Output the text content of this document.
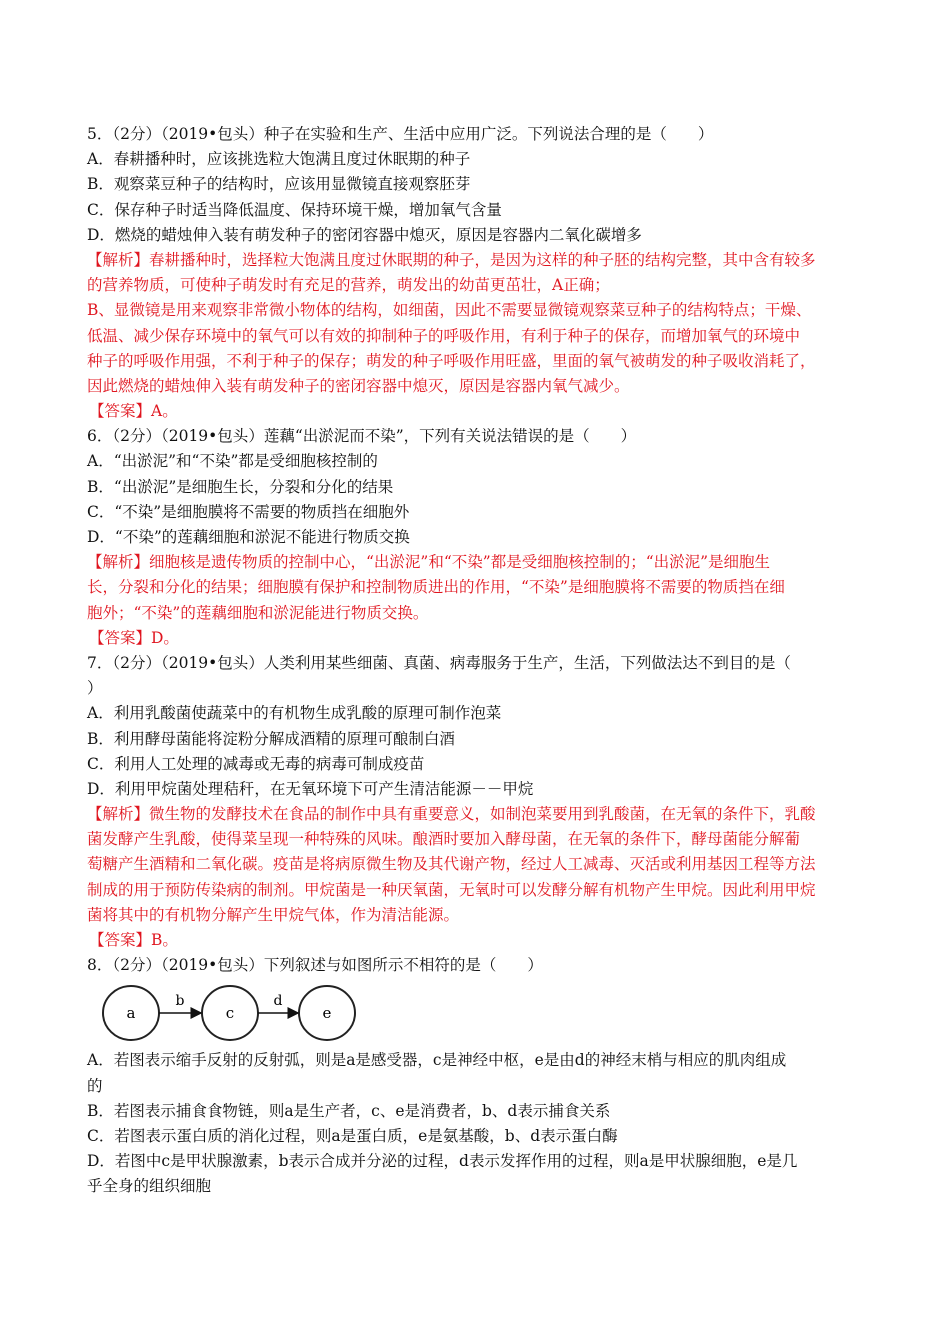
5．（2分）（2019•包头）种子在实验和生产、生活中应用广泛。下列说法合理的是（　　）
A．春耕播种时，应该挑选粒大饱满且度过休眠期的种子
B．观察菜豆种子的结构时，应该用显微镜直接观察胚芽
C．保存种子时适当降低温度、保持环境干燥，增加氧气含量
D．燃烧的蜡烛伸入装有萌发种子的密闭容器中熄灭，原因是容器内二氧化碳增多
【解析】春耕播种时，选择粒大饱满且度过休眠期的种子，是因为这样的种子胚的结构完整，其中含有较多
的营养物质，可使种子萌发时有充足的营养，萌发出的幼苗更茁壮，A正确；
B、显微镜是用来观察非常微小物体的结构，如细菌，因此不需要显微镜观察菜豆种子的结构特点；干燥、
低温、减少保存环境中的氧气可以有效的抑制种子的呼吸作用，有利于种子的保存，而增加氧气的环境中
种子的呼吸作用强，不利于种子的保存；萌发的种子呼吸作用旺盛，里面的氧气被萌发的种子吸收消耗了，
因此燃烧的蜡烛伸入装有萌发种子的密闭容器中熄灭，原因是容器内氧气减少。
【答案】A。
6．（2分）（2019•包头）莲藕“出淤泥而不染”，下列有关说法错误的是（　　）
A．“出淤泥”和“不染”都是受细胞核控制的
B．“出淤泥”是细胞生长，分裂和分化的结果
C．“不染”是细胞膜将不需要的物质挡在细胞外
D．“不染”的莲藕细胞和淤泥不能进行物质交换
【解析】细胞核是遗传物质的控制中心，“出淤泥”和“不染”都是受细胞核控制的；“出淤泥”是细胞生
长，分裂和分化的结果；细胞膜有保护和控制物质进出的作用，“不染”是细胞膜将不需要的物质挡在细
胞外；“不染”的莲藕细胞和淤泥能进行物质交换。
【答案】D。
7．（2分）（2019•包头）人类利用某些细菌、真菌、病毒服务于生产，生活，下列做法达不到目的是（
）
A．利用乳酸菌使蔬菜中的有机物生成乳酸的原理可制作泡菜
B．利用酵母菌能将淀粉分解成酒精的原理可酿制白酒
C．利用人工处理的减毒或无毒的病毒可制成疫苗
D．利用甲烷菌处理秸秆，在无氧环境下可产生清洁能源－－甲烷
【解析】微生物的发酵技术在食品的制作中具有重要意义，如制泡菜要用到乳酸菌，在无氧的条件下，乳酸
菌发酵产生乳酸，使得菜呈现一种特殊的风味。酿酒时要加入酵母菌，在无氧的条件下，酵母菌能分解葡
萄糖产生酒精和二氧化碳。疫苗是将病原微生物及其代谢产物，经过人工减毒、灭活或利用基因工程等方法
制成的用于预防传染病的制剂。甲烷菌是一种厌氧菌，无氧时可以发酵分解有机物产生甲烷。因此利用甲烷
菌将其中的有机物分解产生甲烷气体，作为清洁能源。
【答案】B。
8．（2分）（2019•包头）下列叙述与如图所示不相符的是（　　）
a	c	e
b	d
A．若图表示缩手反射的反射弧，则是a是感受器，c是神经中枢，e是由d的神经末梢与相应的肌肉组成
的
B．若图表示捕食食物链，则a是生产者，c、e是消费者，b、d表示捕食关系
C．若图表示蛋白质的消化过程，则a是蛋白质，e是氨基酸，b、d表示蛋白酶
D．若图中c是甲状腺激素，b表示合成并分泌的过程，d表示发挥作用的过程，则a是甲状腺细胞，e是几
乎全身的组织细胞
